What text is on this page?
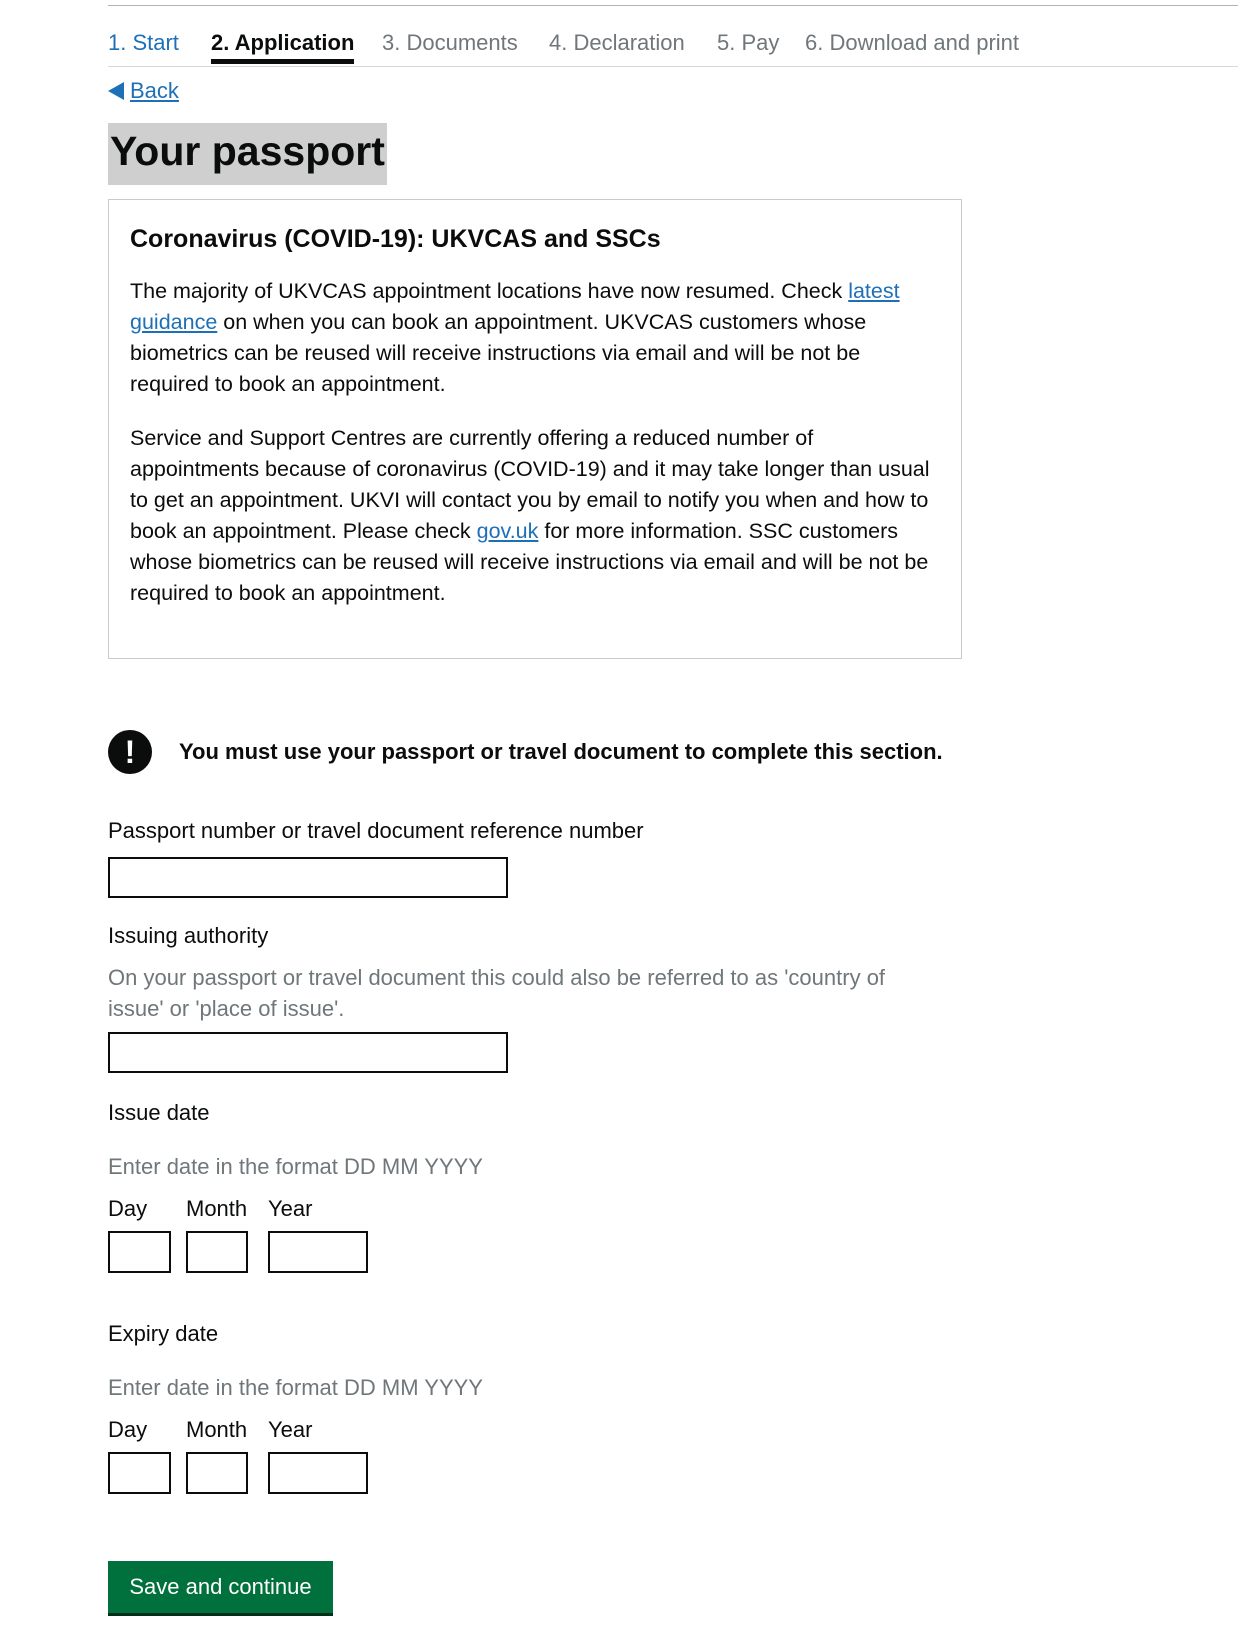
1. Start 2. Application 3. Documents 4. Declaration 5. Pay 6. Download and print
Back
Your passport
Coronavirus (COVID-19): UKVCAS and SSCs

The majority of UKVCAS appointment locations have now resumed. Check latest guidance on when you can book an appointment. UKVCAS customers whose biometrics can be reused will receive instructions via email and will be not be required to book an appointment.

Service and Support Centres are currently offering a reduced number of appointments because of coronavirus (COVID-19) and it may take longer than usual to get an appointment. UKVI will contact you by email to notify you when and how to book an appointment. Please check gov.uk for more information. SSC customers whose biometrics can be reused will receive instructions via email and will be not be required to book an appointment.

!	You must use your passport or travel document to complete this section.
Passport number or travel document reference number
Issuing authority
On your passport or travel document this could also be referred to as 'country of issue' or 'place of issue'.
Issue date
Enter date in the format DD MM YYYY
Day Month Year
Expiry date
Enter date in the format DD MM YYYY
Day Month Year
Save and continue
